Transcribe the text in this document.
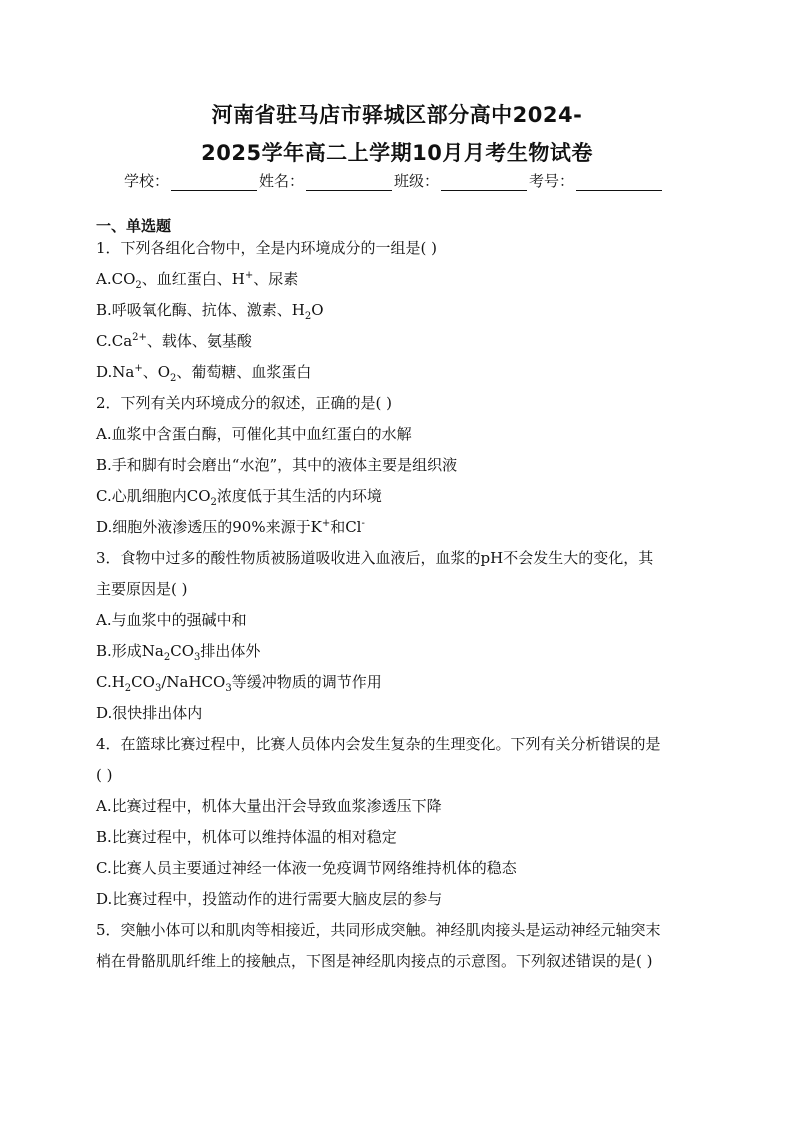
河南省驻马店市驿城区部分高中2024-
2025学年高二上学期10月月考生物试卷
学校：	姓名：	班级：	考号：
一、单选题
1．下列各组化合物中，全是内环境成分的一组是( )
$A.CO_2$、血红蛋白、H+、尿素
B.呼吸氧化酶、抗体、激素、$H_2O$
$C.Ca^{2+}$、载体、氨基酸
D.Na+、$O_2$、葡萄糖、血浆蛋白
2．下列有关内环境成分的叙述，正确的是( )
A.血浆中含蛋白酶，可催化其中血红蛋白的水解
B.手和脚有时会磨出“水泡”，其中的液体主要是组织液
C.心肌细胞内$CO_2$浓度低于其生活的内环境
D.细胞外液渗透压的90%来源于K+和Cl-
3．食物中过多的酸性物质被肠道吸收进入血液后，血浆的pH不会发生大的变化，其
主要原因是( )
A.与血浆中的强碱中和
B.形成$Na_2CO_3$排出体外
$C.H_2CO_3/NaHCO_3$等缓冲物质的调节作用
D.很快排出体内
4．在篮球比赛过程中，比赛人员体内会发生复杂的生理变化。下列有关分析错误的是
( )
A.比赛过程中，机体大量出汗会导致血浆渗透压下降
B.比赛过程中，机体可以维持体温的相对稳定
C.比赛人员主要通过神经一体液一免疫调节网络维持机体的稳态
D.比赛过程中，投篮动作的进行需要大脑皮层的参与
5．突触小体可以和肌肉等相接近，共同形成突触。神经肌肉接头是运动神经元轴突末
梢在骨骼肌肌纤维上的接触点，下图是神经肌肉接点的示意图。下列叙述错误的是( )
